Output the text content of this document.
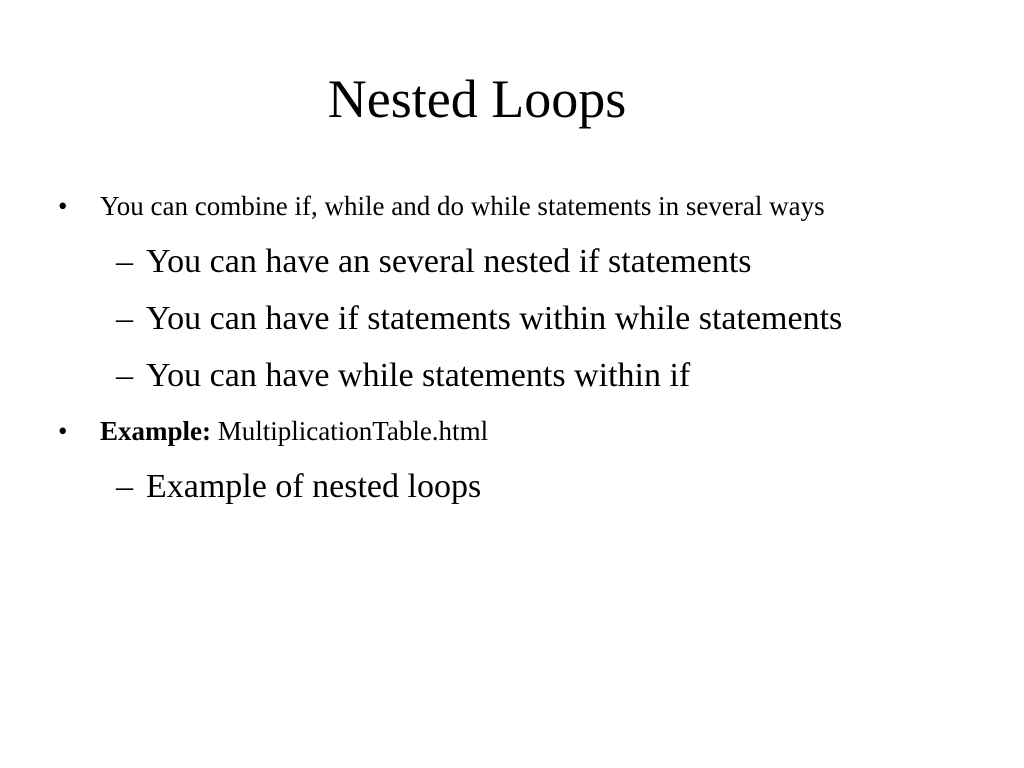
Nested Loops
•	You can combine if, while and do while statements in several ways
– You can have an several nested if statements
– You can have if statements within while statements
– You can have while statements within if
•	Example: MultiplicationTable.html
– Example of nested loops
